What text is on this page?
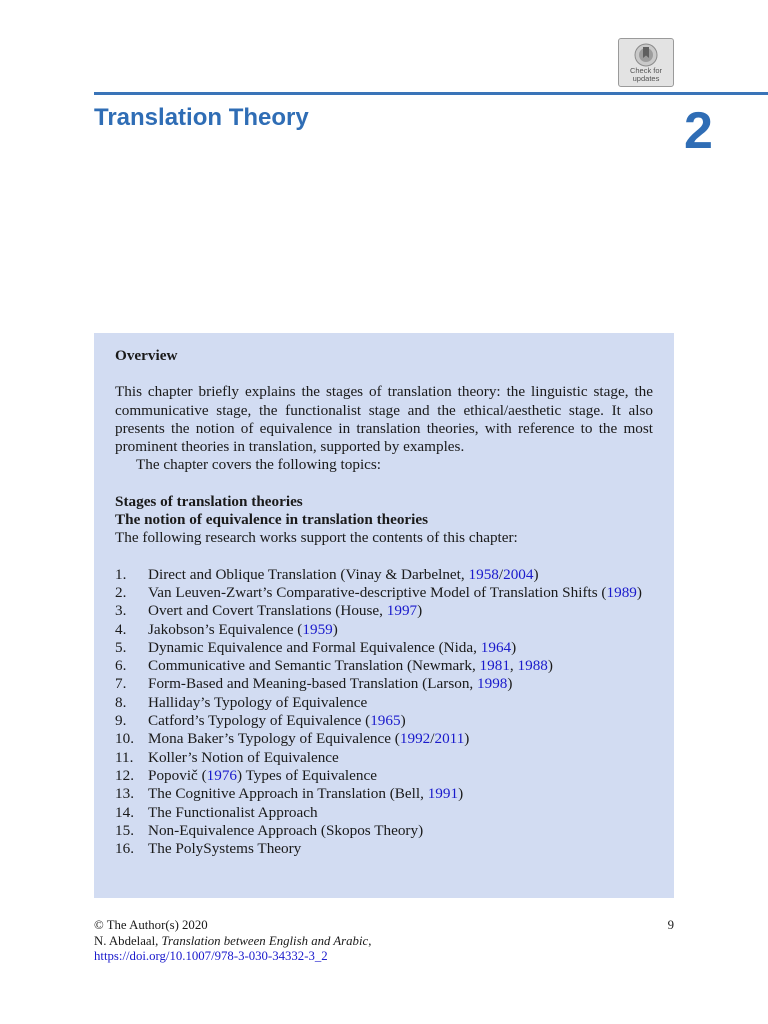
Check for
updates
Translation Theory	2

Overview

This chapter briefly explains the stages of translation theory: the linguistic stage, the communicative stage, the functionalist stage and the ethical/aesthetic stage. It also presents the notion of equivalence in translation theories, with reference to the most prominent theories in translation, supported by examples.

The chapter covers the following topics:

Stages of translation theories
The notion of equivalence in translation theories

The following research works support the contents of this chapter:

1.	Direct and Oblique Translation (Vinay & Darbelnet, 1958/2004)
2.	Van Leuven-Zwart’s Comparative-descriptive Model of Translation Shifts (1989)
3.	Overt and Covert Translations (House, 1997)
4.	Jakobson’s Equivalence (1959)
5.	Dynamic Equivalence and Formal Equivalence (Nida, 1964)
6.	Communicative and Semantic Translation (Newmark, 1981, 1988)
7.	Form-Based and Meaning-based Translation (Larson, 1998)
8.	Halliday’s Typology of Equivalence
9.	Catford’s Typology of Equivalence (1965)
10. Mona Baker’s Typology of Equivalence (1992/2011)
11. Koller’s Notion of Equivalence
12. Popovič (1976) Types of Equivalence
13. The Cognitive Approach in Translation (Bell, 1991)
14. The Functionalist Approach
15. Non-Equivalence Approach (Skopos Theory)
16. The PolySystems Theory
© The Author(s) 2020
N. Abdelaal, Translation between English and Arabic,
https://doi.org/10.1007/978-3-030-34332-3_2
9
